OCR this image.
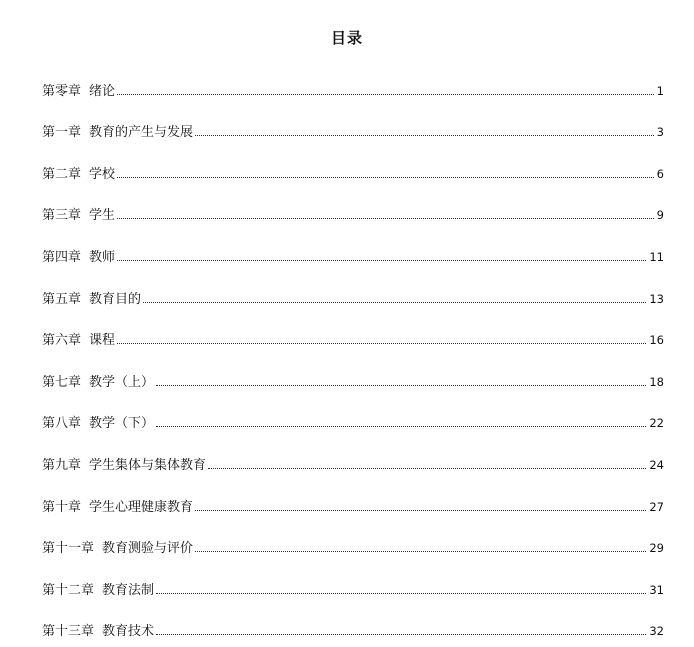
目录
第零章 绪论	1
第一章 教育的产生与发展	3
第二章 学校	6
第三章 学生	9
第四章 教师	11
第五章 教育目的	13
第六章 课程	16
第七章 教学（上）	18
第八章 教学（下）	22
第九章 学生集体与集体教育	24
第十章 学生心理健康教育	27
第十一章 教育测验与评价	29
第十二章 教育法制	31
第十三章 教育技术	32
